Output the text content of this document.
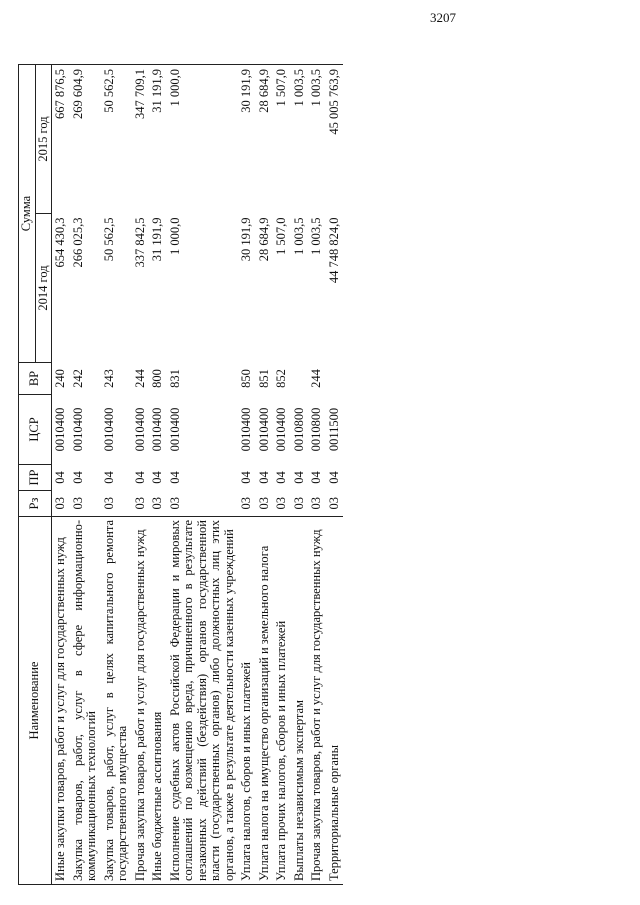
3207
Наименование	Рз	ПР	ЦСР	ВР	Сумма	
					2014 год	2015 год
Иные закупки товаров, работ и услуг для государственных нужд	03	04	0010400	240	654 430,3	667 876,5
Закупка товаров, работ, услуг в сфере информационно-коммуникационных технологий	03	04	0010400	242	266 025,3	269 604,9
Закупка товаров, работ, услуг в целях капитального ремонта государственного имущества	03	04	0010400	243	50 562,5	50 562,5
Прочая закупка товаров, работ и услуг для государственных нужд	03	04	0010400	244	337 842,5	347 709,1
Иные бюджетные ассигнования	03	04	0010400	800	31 191,9	31 191,9
Исполнение судебных актов Российской Федерации и мировых соглашений по возмещению вреда, причиненного в результате незаконных действий (бездействия) органов государственной власти (государственных органов) либо должностных лиц этих органов, а также в результате деятельности казенных учреждений	03	04	0010400	831	1 000,0	1 000,0
Уплата налогов, сборов и иных платежей	03	04	0010400	850	30 191,9	30 191,9
Уплата налога на имущество организаций и земельного налога	03	04	0010400	851	28 684,9	28 684,9
Уплата прочих налогов, сборов и иных платежей	03	04	0010400	852	1 507,0	1 507,0
Выплаты независимым экспертам	03	04	0010800		1 003,5	1 003,5
Прочая закупка товаров, работ и услуг для государственных нужд	03	04	0010800	244	1 003,5	1 003,5
Территориальные органы	03	04	0011500		44 748 824,0	45 005 763,9
